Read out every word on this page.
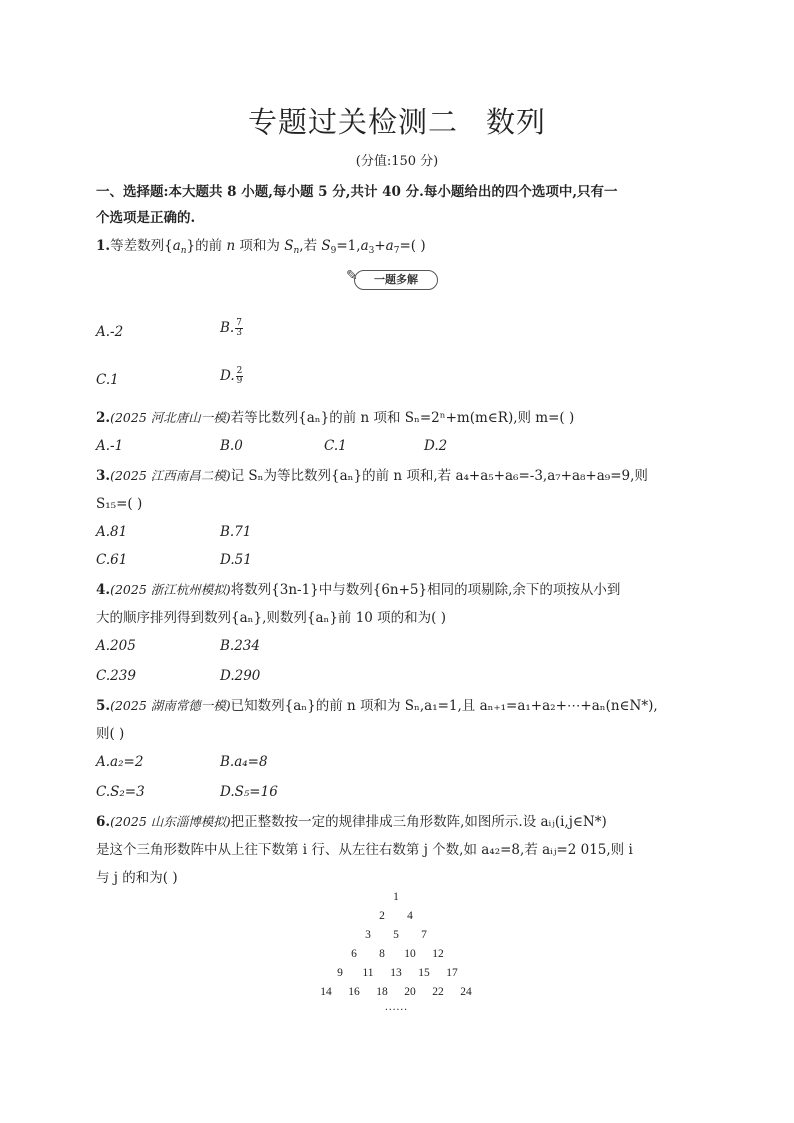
专题过关检测二 数列
(分值:150 分)
一、选择题:本大题共 8 小题,每小题 5 分,共计 40 分.每小题给出的四个选项中,只有一
个选项是正确的.
1.等差数列$\{a_n\}$的前 n 项和为 $S_n$,若 $S_9=1,a_3+a_7=$( )
✎	一题多解
A.-2	B. $\frac{7}{3}$
C.1	D. $\frac{2}{9}$
2.(2025 河北唐山一模)若等比数列{aₙ}的前 n 项和 Sₙ=2ⁿ+m(m∈R),则 m=( )
A.-1	B.0	C.1	D.2
3.(2025 江西南昌二模)记 Sₙ为等比数列{aₙ}的前 n 项和,若 a₄+a₅+a₆=-3,a₇+a₈+a₉=9,则
S₁₅=( )
A.81	B.71
C.61	D.51
4.(2025 浙江杭州模拟)将数列{3n-1}中与数列{6n+5}相同的项剔除,余下的项按从小到
大的顺序排列得到数列{aₙ},则数列{aₙ}前 10 项的和为( )
A.205	B.234
C.239	D.290
5.(2025 湖南常德一模)已知数列{aₙ}的前 n 项和为 Sₙ,a₁=1,且 aₙ₊₁=a₁+a₂+⋯+aₙ(n∈N*),
则( )
A.a₂=2	B.a₄=8
C.S₂=3	D.S₅=16
6.(2025 山东淄博模拟)把正整数按一定的规律排成三角形数阵,如图所示.设 aᵢⱼ(i,j∈N*)
是这个三角形数阵中从上往下数第 i 行、从左往右数第 j 个数,如 a₄₂=8,若 aᵢⱼ=2 015,则 i
与 j 的和为( )
1
2 4
3 5 7
6 8 10 12
9 11 13 15 17
14 16 18 20 22 24
……
